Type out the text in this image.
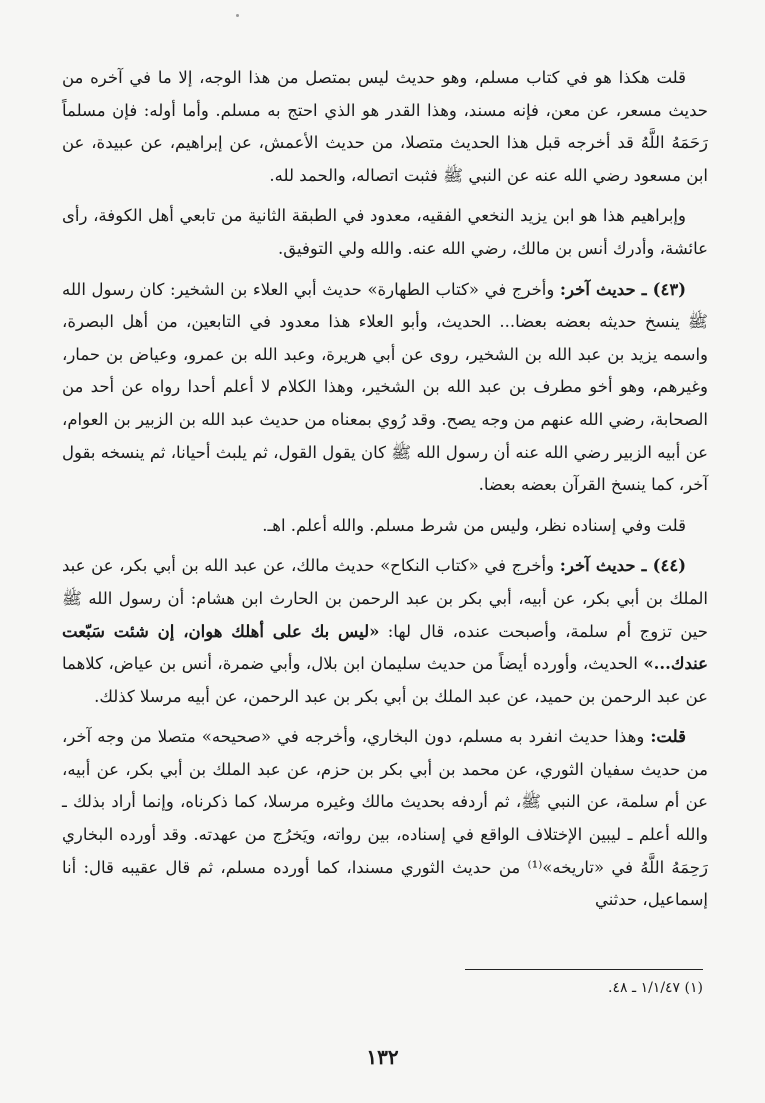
قلت هكذا هو في كتاب مسلم، وهو حديث ليس بمتصل من هذا الوجه، إلا ما في آخره من حديث مسعر، عن معن، فإنه مسند، وهذا القدر هو الذي احتج به مسلم. وأما أوله: فإن مسلماً رَحَمَهُ اللَّهُ قد أخرجه قبل هذا الحديث متصلا، من حديث الأعمش، عن إبراهيم، عن عبيدة، عن ابن مسعود رضي الله عنه عن النبي ﷺ فثبت اتصاله، والحمد لله.

وإبراهيم هذا هو ابن يزيد النخعي الفقيه، معدود في الطبقة الثانية من تابعي أهل الكوفة، رأى عائشة، وأدرك أنس بن مالك، رضي الله عنه. والله ولي التوفيق.

(٤٣) ـ حديث آخر: وأخرج في «كتاب الطهارة» حديث أبي العلاء بن الشخير: كان رسول الله ﷺ ينسخ حديثه بعضه بعضا... الحديث، وأبو العلاء هذا معدود في التابعين، من أهل البصرة، واسمه يزيد بن عبد الله بن الشخير، روى عن أبي هريرة، وعبد الله بن عمرو، وعياض بن حمار، وغيرهم، وهو أخو مطرف بن عبد الله بن الشخير، وهذا الكلام لا أعلم أحدا رواه عن أحد من الصحابة، رضي الله عنهم من وجه يصح. وقد رُوي بمعناه من حديث عبد الله بن الزبير بن العوام، عن أبيه الزبير رضي الله عنه أن رسول الله ﷺ كان يقول القول، ثم يلبث أحيانا، ثم ينسخه بقول آخر، كما ينسخ القرآن بعضه بعضا.

قلت وفي إسناده نظر، وليس من شرط مسلم. والله أعلم. اهـ.

(٤٤) ـ حديث آخر: وأخرج في «كتاب النكاح» حديث مالك، عن عبد الله بن أبي بكر، عن عبد الملك بن أبي بكر، عن أبيه، أبي بكر بن عبد الرحمن بن الحارث ابن هشام: أن رسول الله ﷺ حين تزوج أم سلمة، وأصبحت عنده، قال لها: «ليس بك على أهلك هوان، إن شئت سَبّعت عندك...» الحديث، وأورده أيضاً من حديث سليمان ابن بلال، وأبي ضمرة، أنس بن عياض، كلاهما عن عبد الرحمن بن حميد، عن عبد الملك بن أبي بكر بن عبد الرحمن، عن أبيه مرسلا كذلك.

قلت: وهذا حديث انفرد به مسلم، دون البخاري، وأخرجه في «صحيحه» متصلا من وجه آخر، من حديث سفيان الثوري، عن محمد بن أبي بكر بن حزم، عن عبد الملك بن أبي بكر، عن أبيه، عن أم سلمة، عن النبي ﷺ، ثم أردفه بحديث مالك وغيره مرسلا، كما ذكرناه، وإنما أراد بذلك ـ والله أعلم ـ ليبين الإختلاف الواقع في إسناده، بين رواته، ويَخرُج من عهدته. وقد أورده البخاري رَحِمَهُ اللَّهُ في «تاريخه»⁽¹⁾ من حديث الثوري مسندا، كما أورده مسلم، ثم قال عقيبه قال: أنا إسماعيل، حدثني

(١) ١/١/٤٧ ـ ٤٨.
١٣٢
